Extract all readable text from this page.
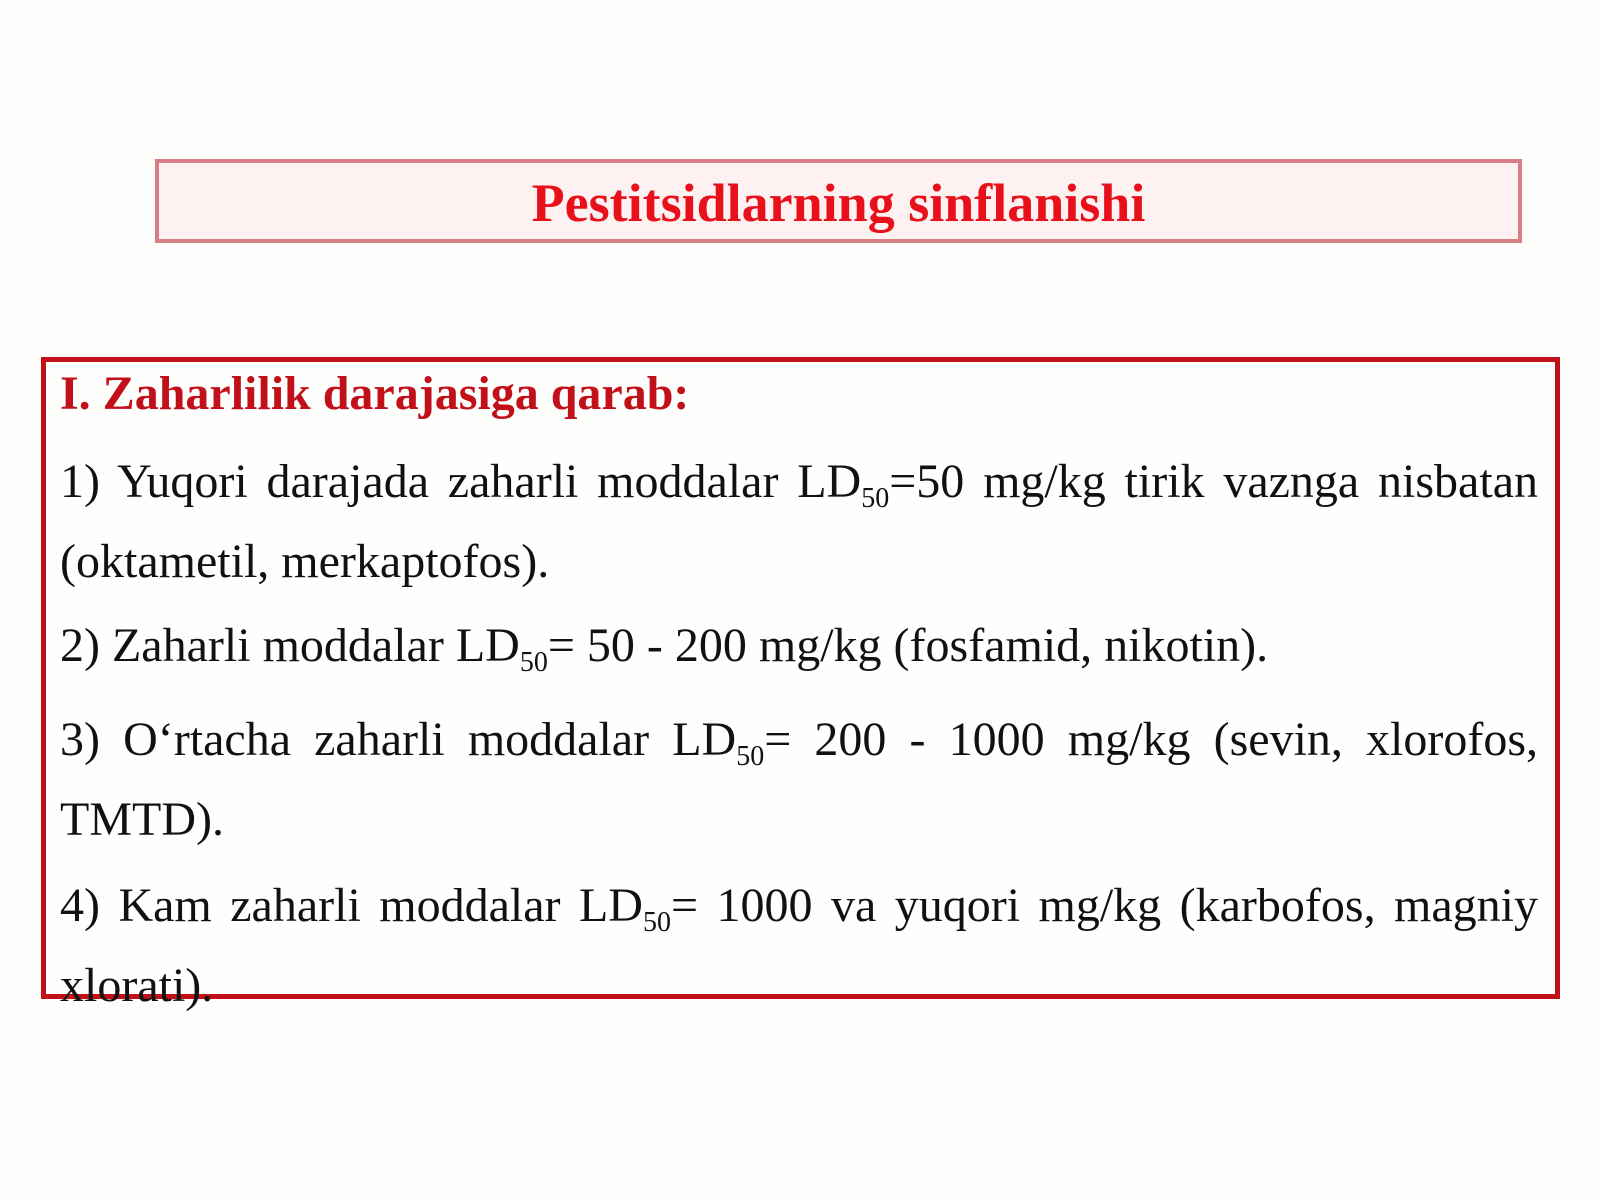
Pestitsidlarning sinflanishi

I. Zaharlilik darajasiga qarab:

1) Yuqori darajada zaharli moddalar $LD_{50}=50$ mg/kg tirik vaznga nisbatan (oktametil, merkaptofos).

2) Zaharli moddalar $LD_{50}= 50 - 200$ mg/kg (fosfamid, nikotin).

3) O‘rtacha zaharli moddalar $LD_{50}= 200 - 1000$ mg/kg (sevin, xlorofos, TMTD).

4) Kam zaharli moddalar $LD_{50}= 1000$ va yuqori mg/kg (karbofos, magniy xlorati).
